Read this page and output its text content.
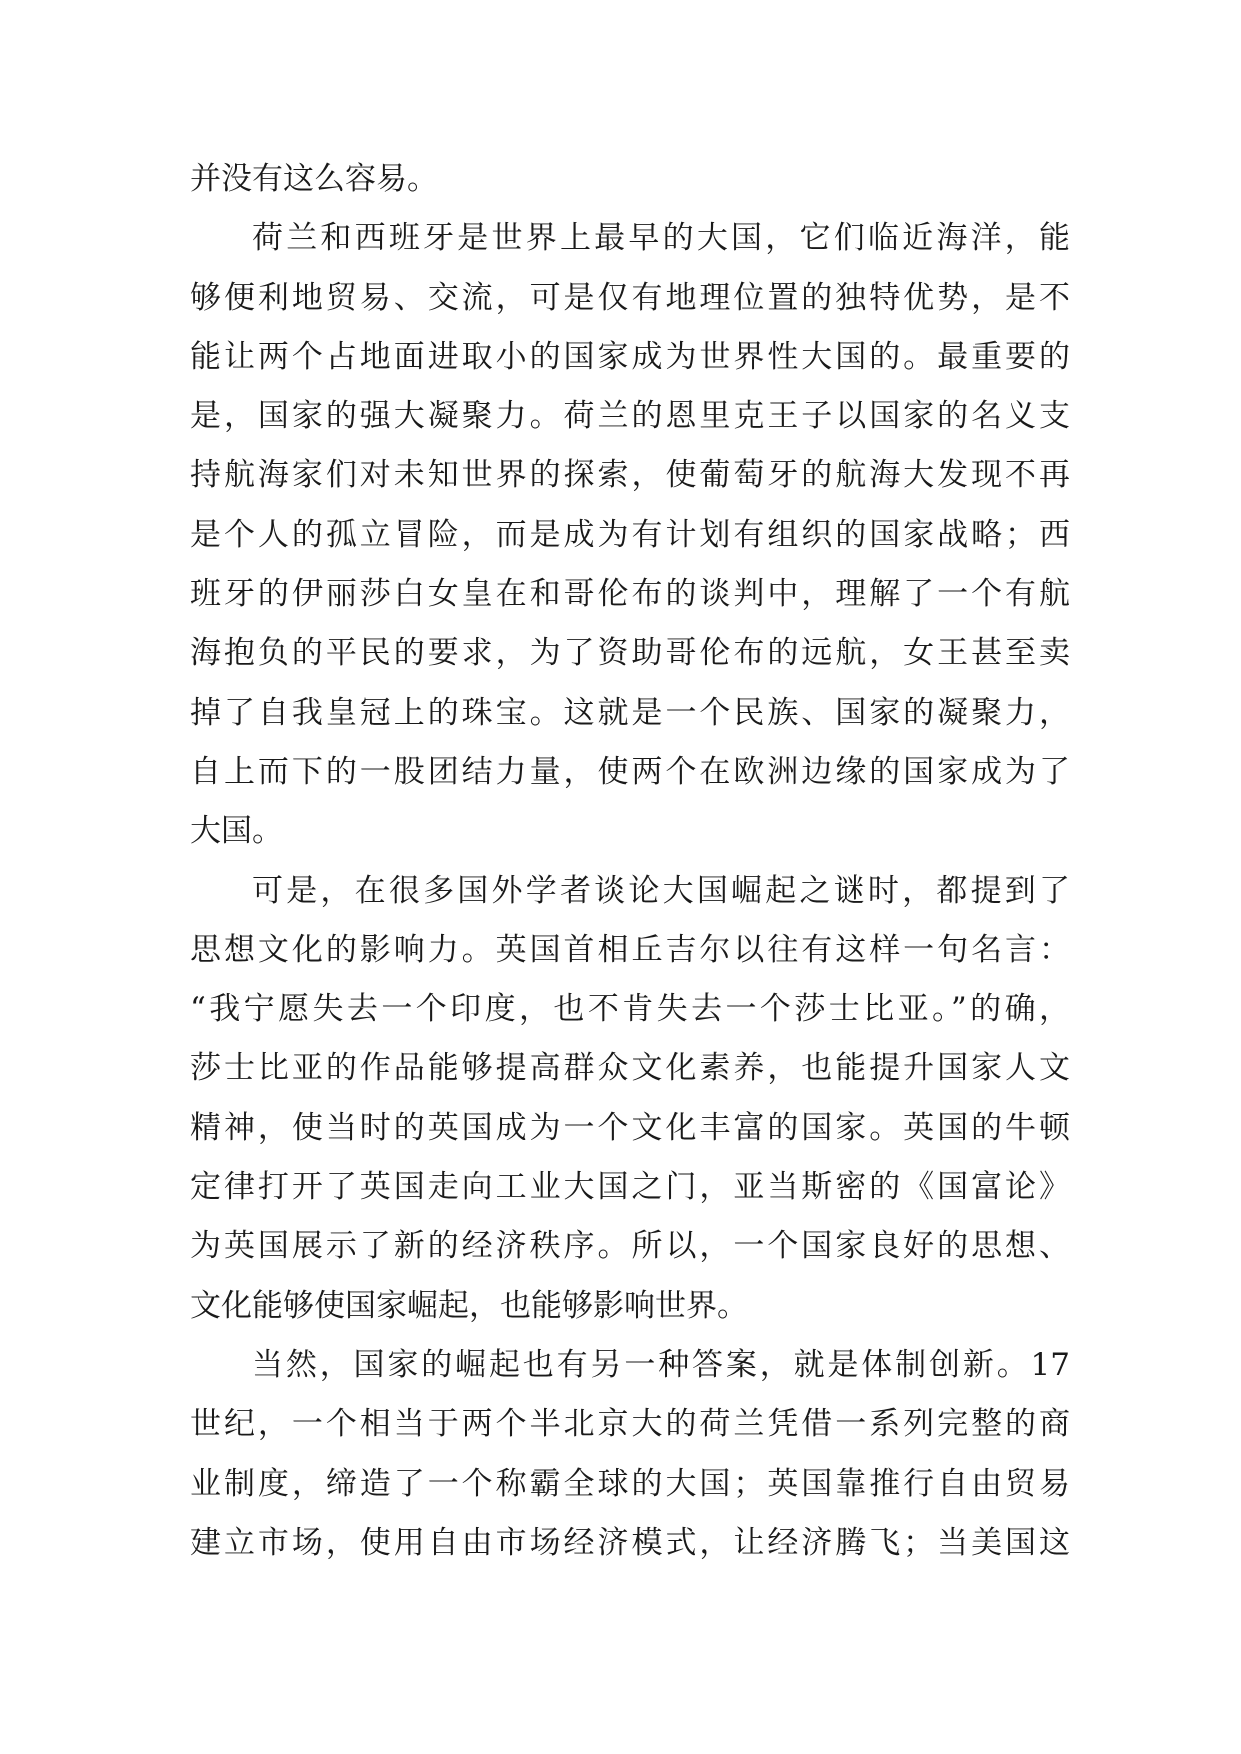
并没有这么容易。
荷兰和西班牙是世界上最早的大国，它们临近海洋，能
够便利地贸易、交流，可是仅有地理位置的独特优势，是不
能让两个占地面进取小的国家成为世界性大国的。最重要的
是，国家的强大凝聚力。荷兰的恩里克王子以国家的名义支
持航海家们对未知世界的探索，使葡萄牙的航海大发现不再
是个人的孤立冒险，而是成为有计划有组织的国家战略；西
班牙的伊丽莎白女皇在和哥伦布的谈判中，理解了一个有航
海抱负的平民的要求，为了资助哥伦布的远航，女王甚至卖
掉了自我皇冠上的珠宝。这就是一个民族、国家的凝聚力，
自上而下的一股团结力量，使两个在欧洲边缘的国家成为了
大国。
可是，在很多国外学者谈论大国崛起之谜时，都提到了
思想文化的影响力。英国首相丘吉尔以往有这样一句名言：
“我宁愿失去一个印度，也不肯失去一个莎士比亚。”的确，
莎士比亚的作品能够提高群众文化素养，也能提升国家人文
精神，使当时的英国成为一个文化丰富的国家。英国的牛顿
定律打开了英国走向工业大国之门，亚当斯密的《国富论》
为英国展示了新的经济秩序。所以，一个国家良好的思想、
文化能够使国家崛起，也能够影响世界。
当然，国家的崛起也有另一种答案，就是体制创新。17
世纪，一个相当于两个半北京大的荷兰凭借一系列完整的商
业制度，缔造了一个称霸全球的大国；英国靠推行自由贸易
建立市场，使用自由市场经济模式，让经济腾飞；当美国这
